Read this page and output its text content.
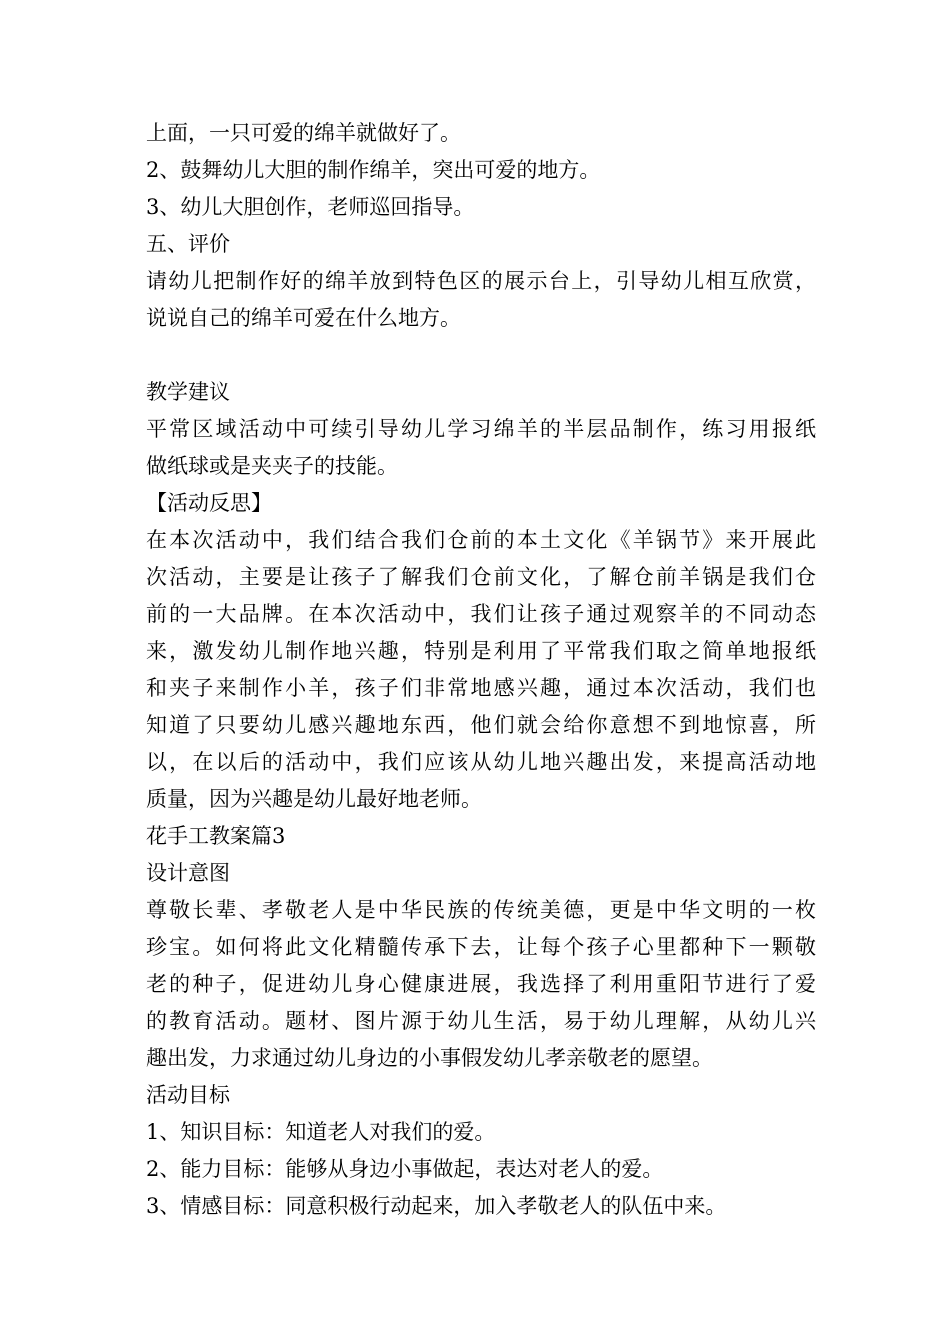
上面，一只可爱的绵羊就做好了。
2、鼓舞幼儿大胆的制作绵羊，突出可爱的地方。
3、幼儿大胆创作，老师巡回指导。
五、评价
请幼儿把制作好的绵羊放到特色区的展示台上，引导幼儿相互欣赏，
说说自己的绵羊可爱在什么地方。
教学建议
平常区域活动中可续引导幼儿学习绵羊的半层品制作，练习用报纸
做纸球或是夹夹子的技能。
【活动反思】
在本次活动中，我们结合我们仓前的本土文化《羊锅节》来开展此
次活动，主要是让孩子了解我们仓前文化，了解仓前羊锅是我们仓
前的一大品牌。在本次活动中，我们让孩子通过观察羊的不同动态
来，激发幼儿制作地兴趣，特别是利用了平常我们取之简单地报纸
和夹子来制作小羊，孩子们非常地感兴趣，通过本次活动，我们也
知道了只要幼儿感兴趣地东西，他们就会给你意想不到地惊喜，所
以，在以后的活动中，我们应该从幼儿地兴趣出发，来提高活动地
质量，因为兴趣是幼儿最好地老师。
花手工教案篇3
设计意图
尊敬长辈、孝敬老人是中华民族的传统美德，更是中华文明的一枚
珍宝。如何将此文化精髓传承下去，让每个孩子心里都种下一颗敬
老的种子，促进幼儿身心健康进展，我选择了利用重阳节进行了爱
的教育活动。题材、图片源于幼儿生活，易于幼儿理解，从幼儿兴
趣出发，力求通过幼儿身边的小事假发幼儿孝亲敬老的愿望。
活动目标
1、知识目标：知道老人对我们的爱。
2、能力目标：能够从身边小事做起，表达对老人的爱。
3、情感目标：同意积极行动起来，加入孝敬老人的队伍中来。
